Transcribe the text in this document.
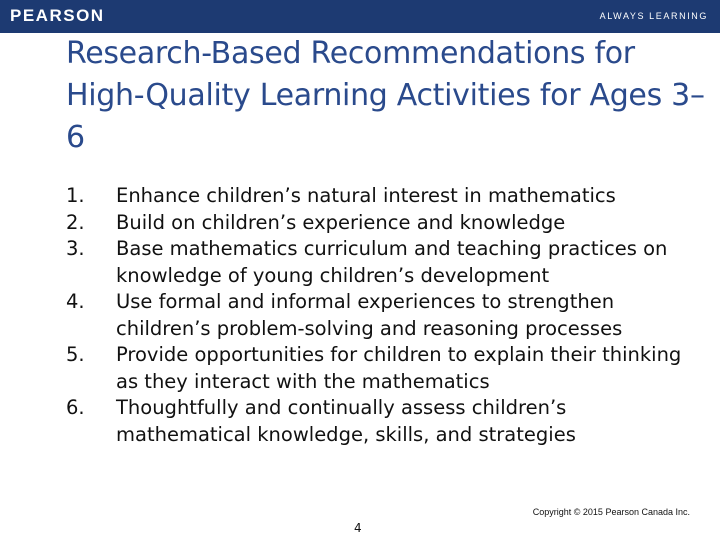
PEARSON	ALWAYS LEARNING
Research-Based Recommendations for High-Quality Learning Activities for Ages 3–6
1.	Enhance children’s natural interest in mathematics
2.	Build on children’s experience and knowledge
3.	Base mathematics curriculum and teaching practices on knowledge of young children’s development
4.	Use formal and informal experiences to strengthen children’s problem-solving and reasoning processes
5.	Provide opportunities for children to explain their thinking as they interact with the mathematics
6.	Thoughtfully and continually assess children’s mathematical knowledge, skills, and strategies
Copyright © 2015 Pearson Canada Inc.
4
